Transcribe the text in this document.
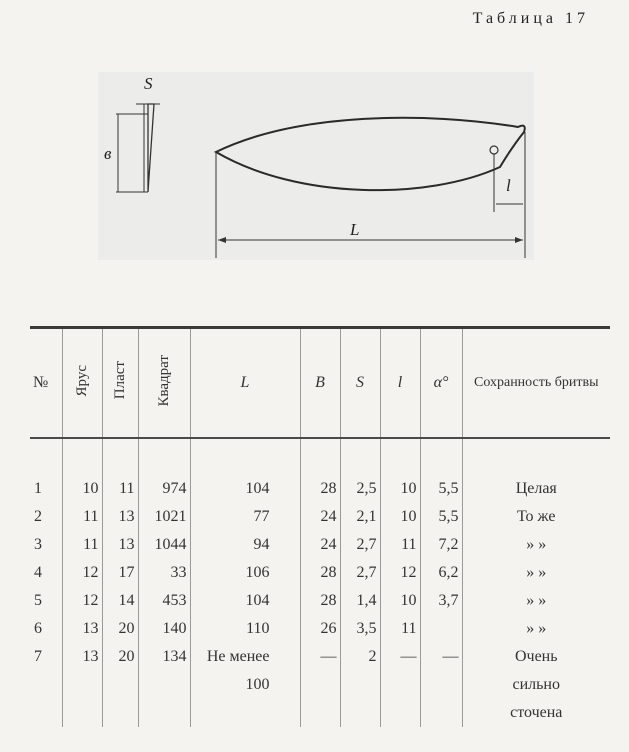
Таблица 17
S
в
l
L
№	Ярус	Пласт	Квадрат	L	B	S	l	α°	Сохранность бритвы

1	10	11	974	104	28	2,5	10	5,5	Целая
2	11	13	1021	77	24	2,1	10	5,5	То же
3	11	13	1044	94	24	2,7	11	7,2	» »
4	12	17	33	106	28	2,7	12	6,2	» »
5	12	14	453	104	28	1,4	10	3,7	» »
6	13	20	140	110	26	3,5	11		» »
7	13	20	134	Не менее	—	2	—	—	Очень
				100					сильно
									сточена
